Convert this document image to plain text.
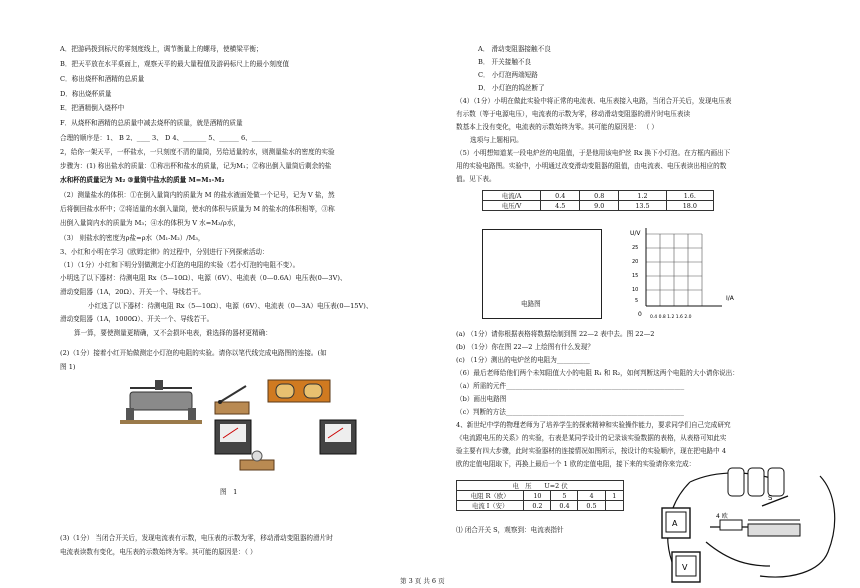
A．把游码拨到标尺的零刻度线上，调节衡量上的螺母，使横梁平衡；
B．把天平放在水平桌面上，观察天平的最大量程值及游码标尺上的最小刻度值
C．称出烧杯和酒精的总质量
D．称出烧杯质量
E．把酒精倒入烧杯中
F．从烧杯和酒精的总质量中减去烧杯的质量，就是酒精的质量
合理的顺序是：1、 B 2、____ 3、 D 4、_______ 5、______ 6、______
2，给你一架天平，一杯盐水，一只刻度不清的量筒，另给适量的水，则测量盐水的密度的实验
步骤为：(1) 称出盐水的质量：①称出杯和盐水的质量，记为M₁；②称出倒入量筒后剩余的盐
水和杯的质量记为 M₂ ③量筒中盐水的质量 M=M₁-M₂
（2）测量盐水的体积：①在倒入量筒内的质量为 M 的盐水液面处做一个记号，记为 V 盐，然
后将倒回盐水杯中；②将适量的水倒入量筒，使水的体积与质量为 M 的盐水的体积相等，③称
出倒入量筒内水的质量为 M₃；④水的体积为 V 水=M₃/ρ水，
（3） 则盐水的密度为ρ盐=ρ水（M₁-M₂）/M₃，
3、小红和小明在学习《欧姆定律》的过程中，分别进行下列探索活动：
（1）（1分）小红和下明分别做测定小灯泡的电阻的实验（若小灯泡的电阻不变）。
小明选了以下器材：待测电阻 Rx（5—10Ω）、电源（6V）、电流表（0—0.6A）电压表(0—3V)、
滑动变阻器（1A，20Ω）、开关一个、导线若干。
小红选了以下器材：待测电阻 Rx（5—10Ω）、电源（6V）、电流表（0—3A）电压表(0—15V)、
滑动变阻器（1A，1000Ω）、开关一个、导线若干。
算一算，要使测量更精确，又不会损坏电表，谁选择的器材更精确：
(2)（1分）接着小红开始做测定小灯泡的电阻的实验。请你以笔代线完成电路图的连接。(如
图 1)
图　1
(3)（1分） 当闭合开关后，发现电流表有示数，电压表的示数为零，移动滑动变阻器的滑片时
电流表读数有变化，电压表的示数始终为零。其可能的原因是：（ ）
A． 滑动变阻器接触不良
B． 开关接触不良
C． 小灯泡两端短路
D． 小灯泡的钨丝断了
（4）（1分）小明在做此实验中将正常的电流表、电压表接入电路，当闭合开关后，发现电压表
有示数（等于电源电压），电流表的示数为零，移动滑动变阻器的滑片时电压表读
数基本上没有变化，电流表的示数始终为零。其可能的原因是： （ ）
选项与上题相同。
（5）小明想知道某一段电炉丝的电阻值，于是他用该电炉丝 Rx 换下小灯泡。在方框内画出下
用的实验电路图。实验中，小明通过改变滑动变阻器的阻值，由电流表、电压表读出相应的数
值。见下表。
电流/A	0.4	0.8	1.2	1.6.
电压/V	4.5	9.0	13.5	18.0
电路图
U/V
I/A
25
20
15
10
5
0 0.4 0.8 1.2 1.6 2.0
(a) （1分）请你根据表格将数据绘制到图 22—2 表中去。图 22—2
(b) （1分）你在图 22—2 上绘图有什么发现？
(c) （1分）测出的电炉丝的电阻为__________
（6）最后老师给他们两个未知阻值大小的电阻 R₁ 和 R₂，如何判断这两个电阻的大小请你说出：
（a）所需的元件______________________________________________________
（b）画出电路图
（c）判断的方法______________________________________________________
4、新世纪中学的物理老师为了培养学生的探索精神和实验操作能力，要求同学们自己完成研究
《电流跟电压的关系》的实验，右表是某同学设计的记录该实验数据的表格，从表格可知此实
验主要有四大步骤，此时实验器材的连接情况如图所示，按设计的实验顺序，现在把电路中 4
欧的定值电阻取下，再换上最后一个 1 欧的定值电阻，接下来的实验请你来完成：
电　压　　U=2 伏				
电阻 R（欧）	10	5	4	1
电流 I（安）	0.2	0.4	0.5	
⑴ 闭合开关 S，观察到：电流表指针
S
A
4 欧
V
第 3 页 共 6 页
